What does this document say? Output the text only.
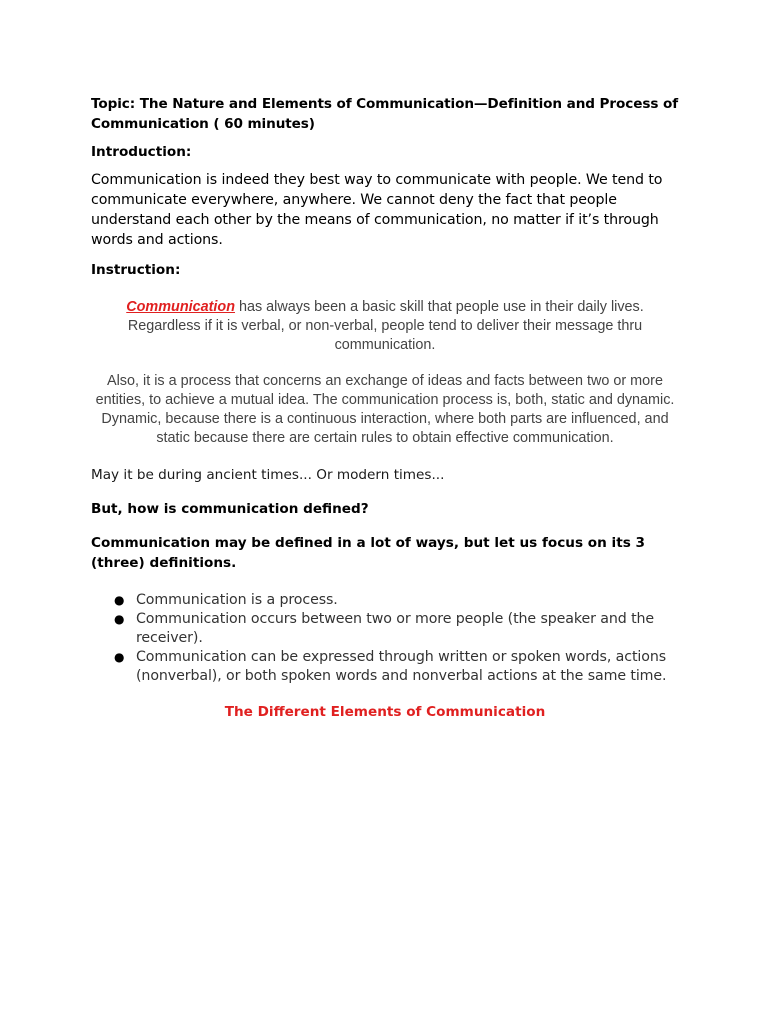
Topic: The Nature and Elements of Communication—Definition and Process of Communication ( 60 minutes)

Introduction:

Communication is indeed they best way to communicate with people. We tend to communicate everywhere, anywhere. We cannot deny the fact that people understand each other by the means of communication, no matter if it’s through words and actions.

Instruction:

Communication has always been a basic skill that people use in their daily lives. Regardless if it is verbal, or non-verbal, people tend to deliver their message thru communication.

Also, it is a process that concerns an exchange of ideas and facts between two or more entities, to achieve a mutual idea. The communication process is, both, static and dynamic. Dynamic, because there is a continuous interaction, where both parts are influenced, and static because there are certain rules to obtain effective communication.

May it be during ancient times... Or modern times...

But, how is communication defined?

Communication may be defined in a lot of ways, but let us focus on its 3 (three) definitions.

● Communication is a process.
● Communication occurs between two or more people (the speaker and the receiver).
● Communication can be expressed through written or spoken words, actions (nonverbal), or both spoken words and nonverbal actions at the same time.

The Different Elements of Communication
